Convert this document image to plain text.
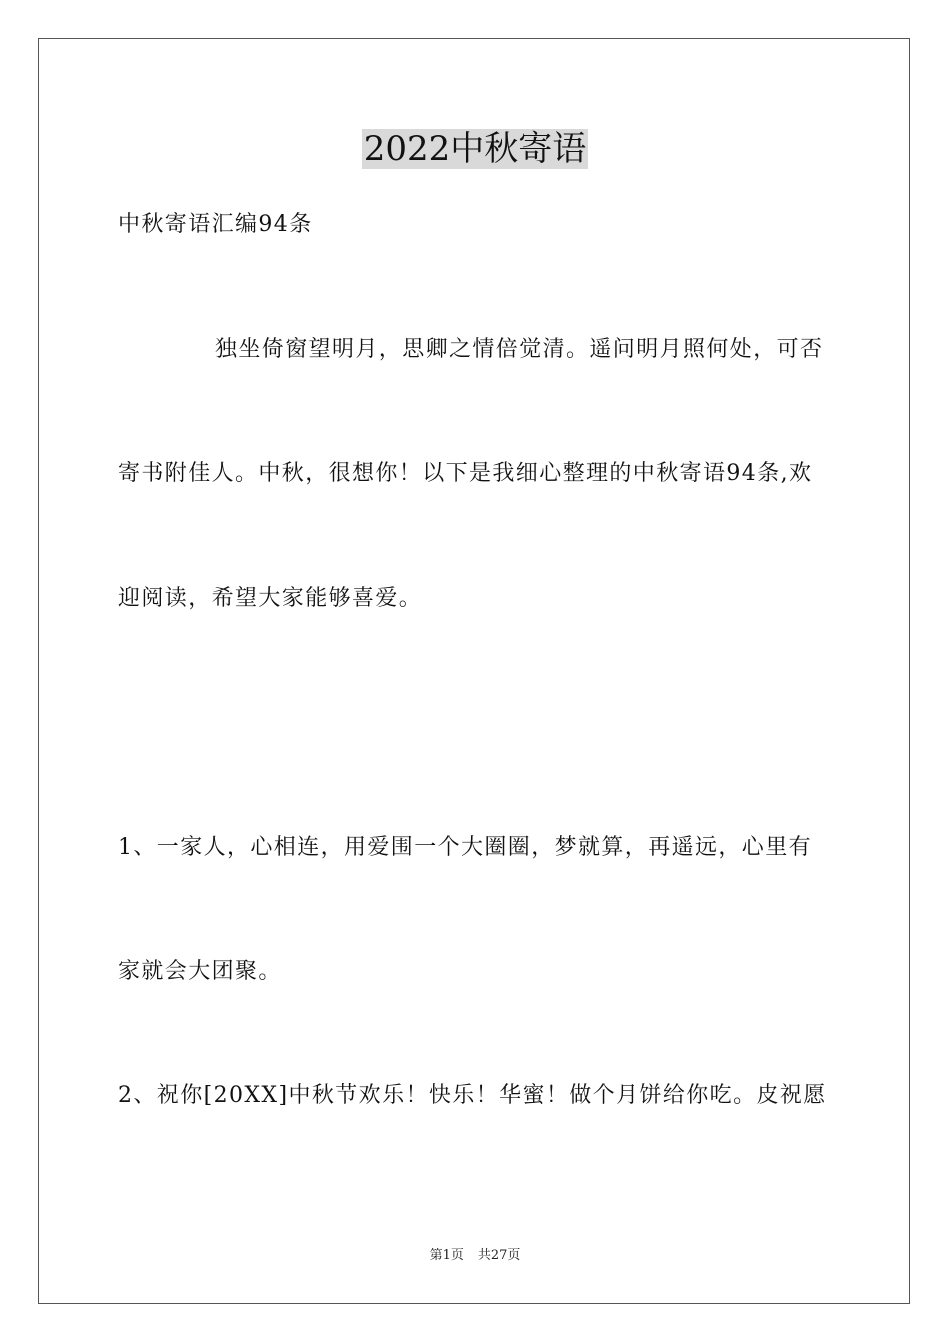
2022中秋寄语
中秋寄语汇编94条
独坐倚窗望明月，思卿之情倍觉清。遥问明月照何处，可否
寄书附佳人。中秋，很想你！以下是我细心整理的中秋寄语94条,欢
迎阅读，希望大家能够喜爱。
1、一家人，心相连，用爱围一个大圈圈，梦就算，再遥远，心里有
家就会大团聚。
2、祝你[20XX]中秋节欢乐！快乐！华蜜！做个月饼给你吃。皮祝愿
第1页 共27页
